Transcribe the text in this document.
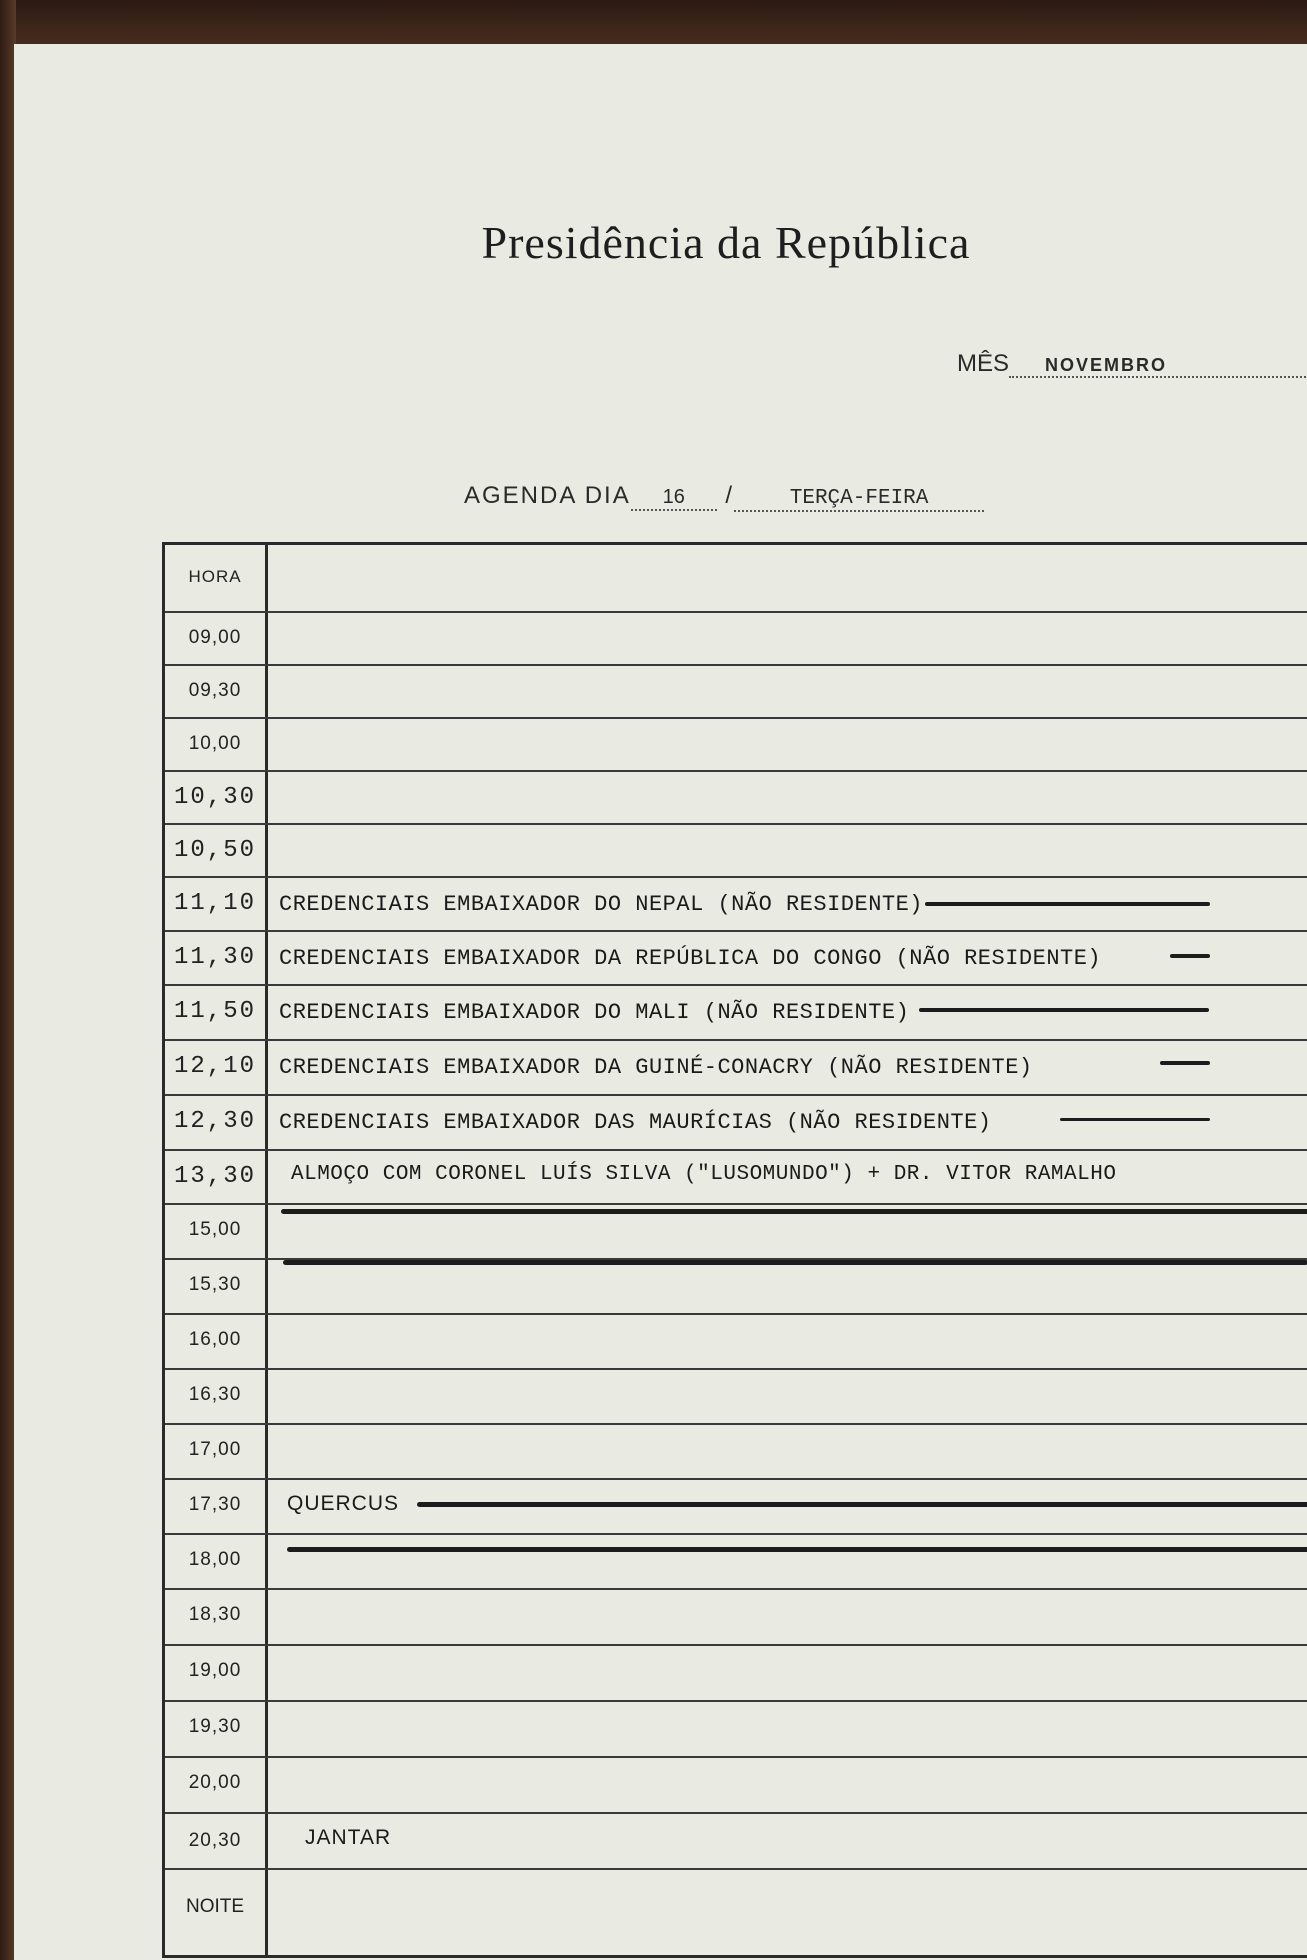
Presidência da República
MÊS NOVEMBRO
AGENDA DIA 16 /	TERÇA-FEIRA
HORA
09,00
09,30
10,00
10,30
10,50
11,10	CREDENCIAIS EMBAIXADOR DO NEPAL (NÃO RESIDENTE)
11,30	CREDENCIAIS EMBAIXADOR DA REPÚBLICA DO CONGO (NÃO RESIDENTE)
11,50	CREDENCIAIS EMBAIXADOR DO MALI (NÃO RESIDENTE)
12,10	CREDENCIAIS EMBAIXADOR DA GUINÉ-CONACRY (NÃO RESIDENTE)
12,30	CREDENCIAIS EMBAIXADOR DAS MAURÍCIAS (NÃO RESIDENTE)
13,30	ALMOÇO COM CORONEL LUÍS SILVA ("LUSOMUNDO") + DR. VITOR RAMALHO
15,00
15,30
16,00
16,30
17,00
17,30	QUERCUS
18,00
18,30
19,00
19,30
20,00
20,30	JANTAR
NOITE
